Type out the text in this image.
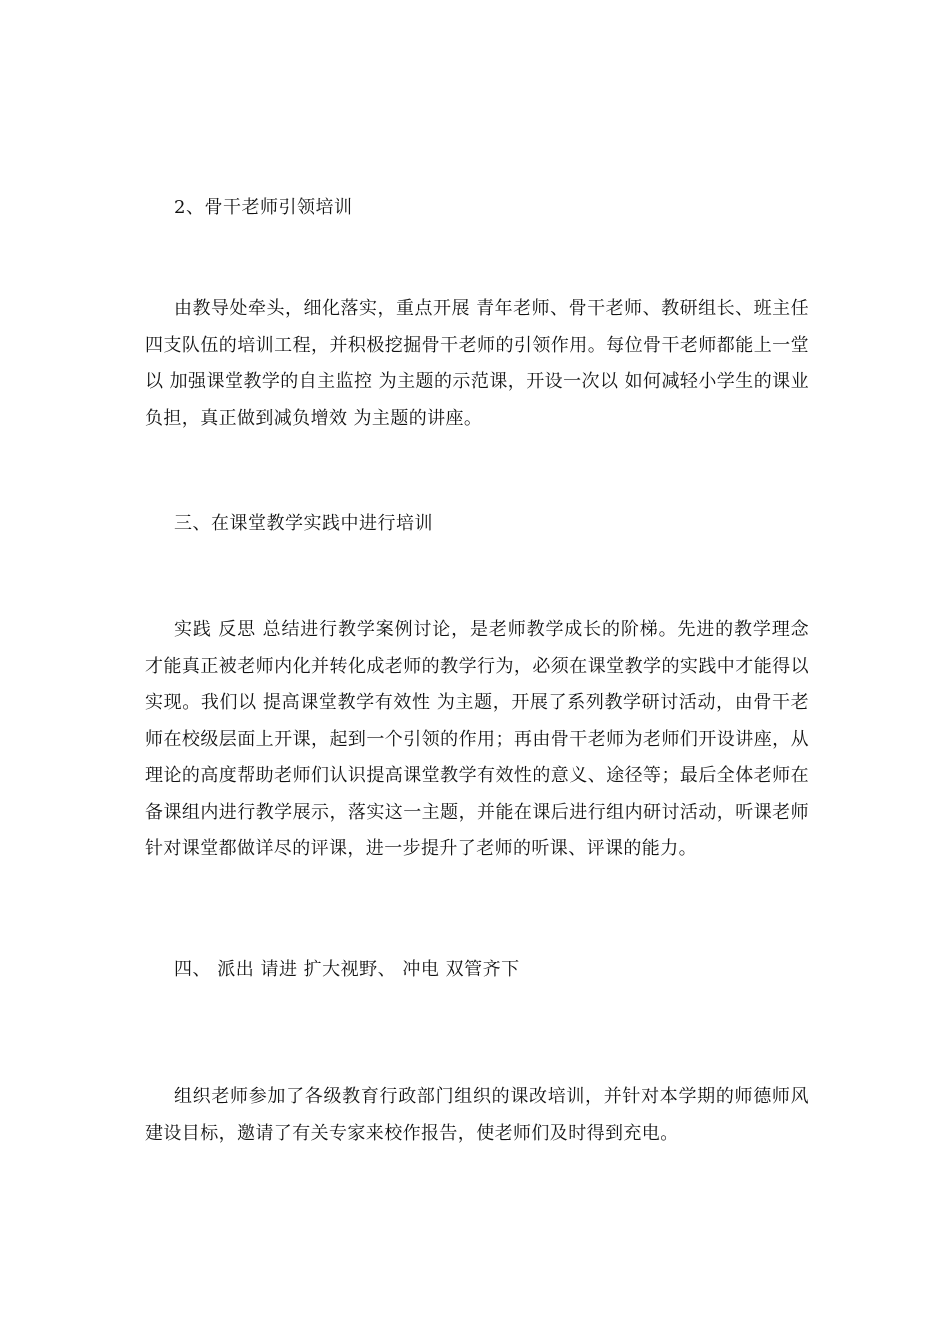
2、骨干老师引领培训
由教导处牵头，细化落实，重点开展 青年老师、骨干老师、教研组长、班主任 四支队伍的培训工程，并积极挖掘骨干老师的引领作用。每位骨干老师都能上一堂以 加强课堂教学的自主监控 为主题的示范课，开设一次以 如何减轻小学生的课业负担，真正做到减负增效 为主题的讲座。
三、在课堂教学实践中进行培训
实践 反思 总结进行教学案例讨论，是老师教学成长的阶梯。先进的教学理念才能真正被老师内化并转化成老师的教学行为，必须在课堂教学的实践中才能得以实现。我们以 提高课堂教学有效性 为主题，开展了系列教学研讨活动，由骨干老师在校级层面上开课，起到一个引领的作用；再由骨干老师为老师们开设讲座，从理论的高度帮助老师们认识提高课堂教学有效性的意义、途径等；最后全体老师在备课组内进行教学展示，落实这一主题，并能在课后进行组内研讨活动，听课老师针对课堂都做详尽的评课，进一步提升了老师的听课、评课的能力。
四、 派出 请进 扩大视野、 冲电 双管齐下
组织老师参加了各级教育行政部门组织的课改培训，并针对本学期的师德师风建设目标，邀请了有关专家来校作报告，使老师们及时得到充电。
